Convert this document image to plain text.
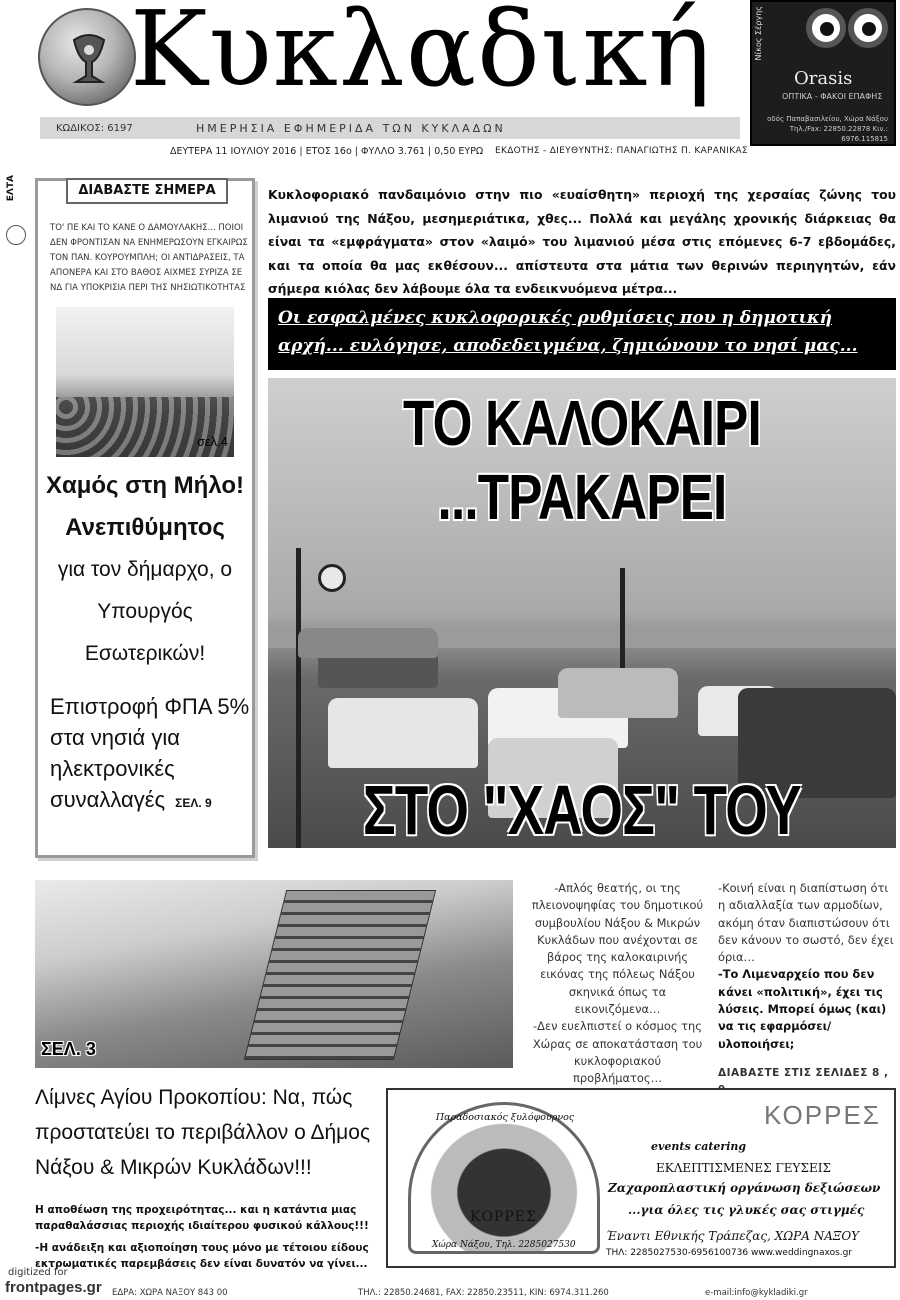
Κυκλαδική
ΚΩΔΙΚΟΣ: 6197	ΗΜΕΡΗΣΙΑ ΕΦΗΜΕΡΙΔΑ ΤΩΝ ΚΥΚΛΑΔΩΝ
ΔΕΥΤΕΡΑ 11 ΙΟΥΛΙΟΥ 2016 | ΕΤΟΣ 16ο | ΦΥΛΛΟ 3.761 | 0,50 ΕΥΡΩ ΕΚΔΟΤΗΣ - ΔΙΕΥΘΥΝΤΗΣ: ΠΑΝΑΓΙΩΤΗΣ Π. ΚΑΡΑΝΙΚΑΣ
Νίκος Σέργης
Orasis
ΟΠΤΙΚΑ - ΦΑΚΟΙ ΕΠΑΦΗΣ
οδός Παπαβασιλείου, Χώρα Νάξου
Τηλ./Fax: 22850.22878 Κιν.: 6976.115815
ΕΛΤΑ	ΔΙΑΒΑΣΤΕ ΣΗΜΕΡΑ
ΤΟ' ΠΕ ΚΑΙ ΤΟ ΚΑΝΕ Ο ΔΑΜΟΥΛΑΚΗΣ... ΠΟΙΟΙ ΔΕΝ ΦΡΟΝΤΙΣΑΝ ΝΑ ΕΝΗΜΕΡΩΣΟΥΝ ΕΓΚΑΙΡΩΣ ΤΟΝ ΠΑΝ. ΚΟΥΡΟΥΜΠΛΗ; ΟΙ ΑΝΤΙΔΡΑΣΕΙΣ, ΤΑ ΑΠΟΝΕΡΑ ΚΑΙ ΣΤΟ ΒΑΘΟΣ ΑΙΧΜΕΣ ΣΥΡΙΖΑ ΣΕ ΝΔ ΓΙΑ ΥΠΟΚΡΙΣΙΑ ΠΕΡΙ ΤΗΣ ΝΗΣΙΩΤΙΚΟΤΗΤΑΣ
σελ.4
Χαμός στη Μήλο!
Ανεπιθύμητος
για τον δήμαρχο, ο
Υπουργός Εσωτερικών!
Επιστροφή ΦΠΑ 5% στα νησιά για ηλεκτρονικές συναλλαγές ΣΕΛ. 9
Κυκλοφοριακό πανδαιμόνιο στην πιο «ευαίσθητη» περιοχή της χερσαίας ζώνης του λιμανιού της Νάξου, μεσημεριάτικα, χθες... Πολλά και μεγάλης χρονικής διάρκειας θα είναι τα «εμφράγματα» στον «λαιμό» του λιμανιού μέσα στις επόμενες 6-7 εβδομάδες, και τα οποία θα μας εκθέσουν... απίστευτα στα μάτια των θερινών περιηγητών, εάν σήμερα κιόλας δεν λάβουμε όλα τα ενδεικνυόμενα μέτρα...
Οι εσφαλμένες κυκλοφορικές ρυθμίσεις που η δημοτική αρχή... ευλόγησε, αποδεδειγμένα, ζημιώνουν το νησί μας...
ΤΟ ΚΑΛΟΚΑΙΡΙ ...ΤΡΑΚΑΡΕΙ
ΣΤΟ "ΧΑΟΣ" ΤΟΥ
ΣΕΛ. 3

-Απλός θεατής, οι της πλειονοψηφίας του δημοτικού συμβουλίου Νάξου & Μικρών Κυκλάδων που ανέχονται σε βάρος της καλοκαιρινής εικόνας της πόλεως Νάξου σκηνικά όπως τα εικονιζόμενα…

-Δεν ευελπιστεί ο κόσμος της Χώρας σε αποκατάσταση του κυκλοφοριακού προβλήματος…

-Κοινή είναι η διαπίστωση ότι η αδιαλλαξία των αρμοδίων, ακόμη όταν διαπιστώσουν ότι δεν κάνουν το σωστό, δεν έχει όρια…

-Το Λιμεναρχείο που δεν κάνει «πολιτική», έχει τις λύσεις. Μπορεί όμως (και) να τις εφαρμόσει/υλοποιήσει;

ΔΙΑΒΑΣΤΕ ΣΤΙΣ ΣΕΛΙΔΕΣ 8 ,
Λίμνες Αγίου Προκοπίου: Να, πώς προστατεύει το περιβάλλον ο Δήμος Νάξου & Μικρών Κυκλάδων!!!
Η αποθέωση της προχειρότητας... και η κατάντια μιας παραθαλάσσιας περιοχής ιδιαίτερου φυσικού κάλλους!!!
-Η ανάδειξη και αξιοποίηση τους μόνο με τέτοιου είδους εκτρωματικές παρεμβάσεις δεν είναι δυνατόν να γίνει...
Παραδοσιακός ξυλόφουρνος
ΚΟΡΡΕΣ
Χώρα Νάξου, Τηλ. 2285027530
ΚΟΡΡΕΣ
events catering
ΕΚΛΕΠΤΙΣΜΕΝΕΣ ΓΕΥΣΕΙΣ
Ζαχαροπλαστική οργάνωση δεξιώσεων
...για όλες τις γλυκές σας στιγμές
Έναντι Εθνικής Τράπεζας, ΧΩΡΑ ΝΑΞΟΥ
ΤΗΛ: 2285027530-6956100736 www.weddingnaxos.gr
digitized for
frontpages.gr ΕΔΡΑ: ΧΩΡΑ ΝΑΞΟΥ 843 00	ΤΗΛ.: 22850.24681, FAX: 22850.23511, ΚΙΝ: 6974.311.260	e-mail:info@kykladiki.gr
